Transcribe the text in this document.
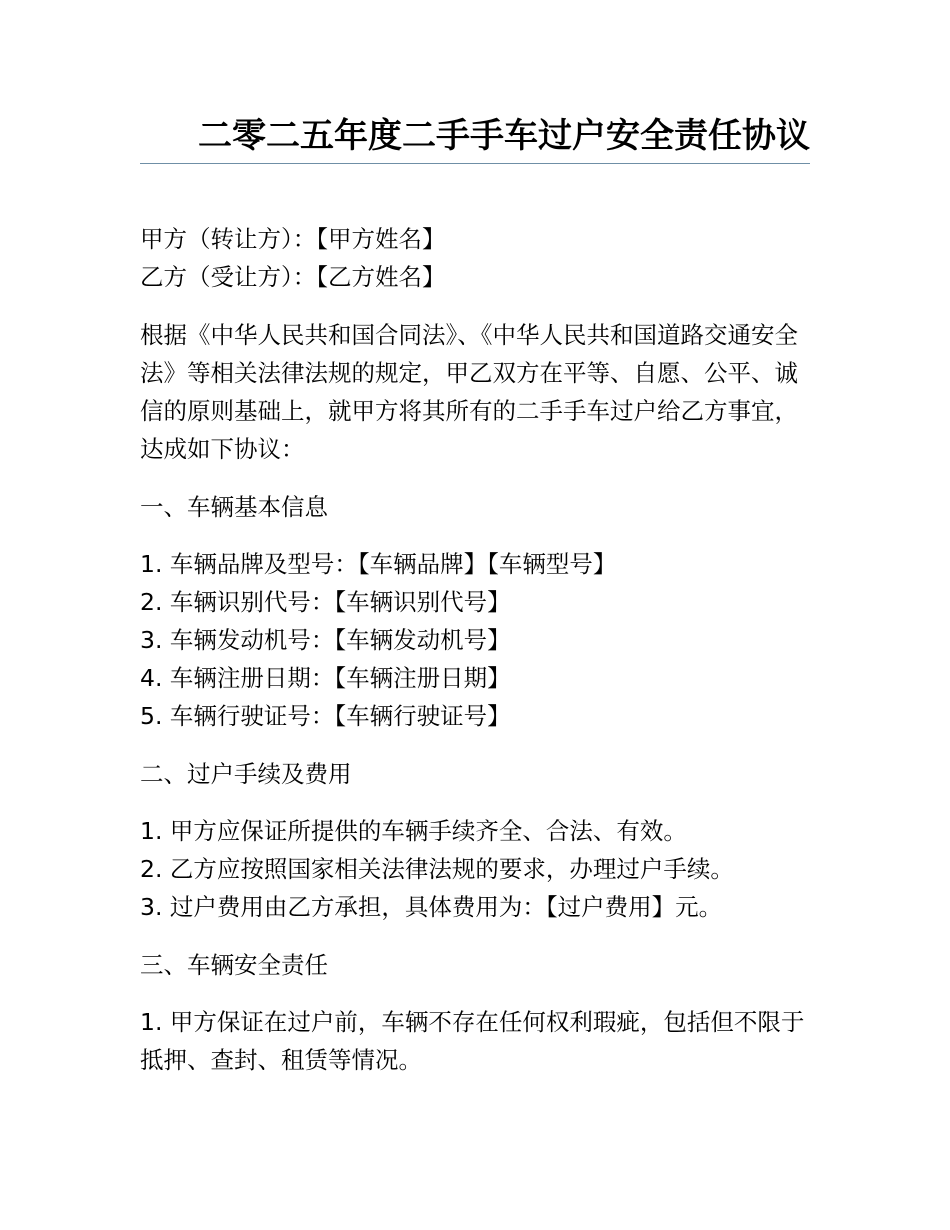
二零二五年度二手手车过户安全责任协议

甲方（转让方）：【甲方姓名】

乙方（受让方）：【乙方姓名】

根据《中华人民共和国合同法》、《中华人民共和国道路交通安全法》等相关法律法规的规定，甲乙双方在平等、自愿、公平、诚信的原则基础上，就甲方将其所有的二手手车过户给乙方事宜，达成如下协议：

一、车辆基本信息

1. 车辆品牌及型号：【车辆品牌】【车辆型号】

2. 车辆识别代号：【车辆识别代号】

3. 车辆发动机号：【车辆发动机号】

4. 车辆注册日期：【车辆注册日期】

5. 车辆行驶证号：【车辆行驶证号】

二、过户手续及费用

1. 甲方应保证所提供的车辆手续齐全、合法、有效。

2. 乙方应按照国家相关法律法规的要求，办理过户手续。

3. 过户费用由乙方承担，具体费用为：【过户费用】元。

三、车辆安全责任

1. 甲方保证在过户前，车辆不存在任何权利瑕疵，包括但不限于抵押、查封、租赁等情况。
